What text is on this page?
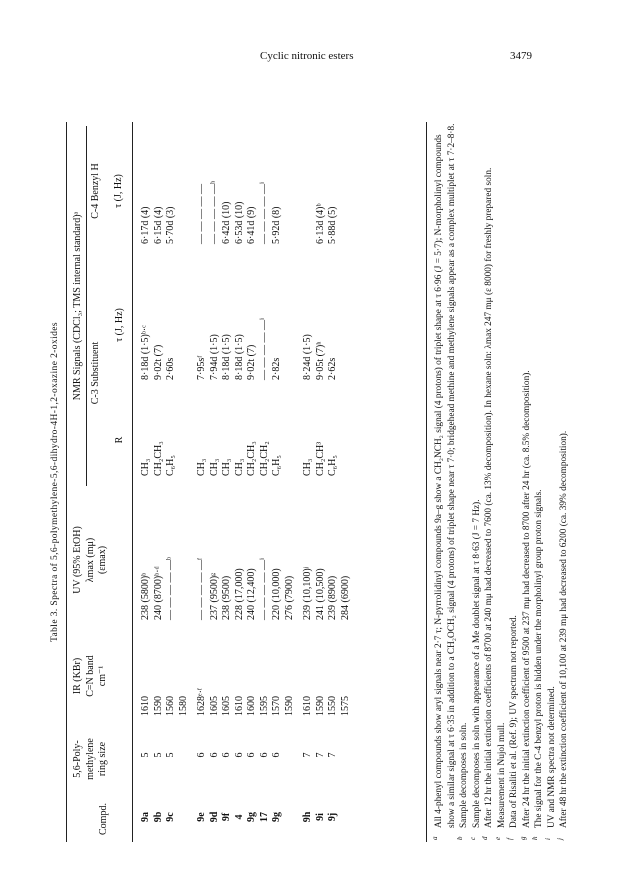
Cyclic nitronic esters	3479
Table 3. Spectra of 5,6-polymethylene-5,6-dihydro-4H-1,2-oxazine 2-oxides
Compd.
5,6-Poly- methylene ring size
IR (KBr) C=N band cm⁻¹
UV (95% EtOH) λmax (mμ) (εmax)
NMR Signals (CDCl₃; TMS internal standard)ᵃ C-3 Substituent
R
τ (J, Hz)
C-4 Benzyl H τ (J, Hz)
9a	5	1610	238 (5800)ᵇ	CH₃	8·18d (1·5)ᵇ·ᶜ	6·17d (4)
9b	5	1590	240 (8700)ᵇ·ᵈ	CH₂CH₃	9·02t (7)	6·15d (4)
9c	5	1560	— — — — —ᵇ	C₆H₅	2·60s	5·70d (3)
		1580				
9e	6	1628ᵉ·ᶠ	— — — — —ᶠ	CH₃	7·95sᶠ	— — — — —
9d	6	1605	237 (9500)ᵍ	CH₃	7·94d (1·5)	— — — — —ʰ
9f	6	1605	238 (9500)	CH₃	8·18d (1·5)	6·42d (10)
4	6	1610	228 (17,000)	CH₃	8·18d (1·5)	6·53d (10)
9g	6	1600	240 (12,400)	CH₂CH₃	9·02t (7)	6·41d (9)
17	6	1595	— — — — —ⁱ	CH₂CH₂	— — — — —ⁱ	— — — — —ⁱ
9g	6	1570	220 (10,000)	C₆H₅	2·82s	5·92d (8)
		1590	276 (7900)			
9h	7	1610	239 (10,100)ʲ	CH₃	8·24d (1·5)	
9i	7	1590	241 (10,500)	CH₂CH³	9·05t (7)ʰ	6·13d (4)ᵇ
9j	7	1550	239 (8900)	C₆H₅	2·62s	5·88d (5)
		1575	284 (6900)			
a
All 4-phenyl compounds show aryl signals near 2·7 τ; N-pyrrolidinyl compounds 9a–g show a CH₂NCH₂ signal (4 protons) of triplet shape at τ 6·96 (J = 5·7); N-morpholinyl compounds show a similar signal at τ 6·35 in addition to a CH₂OCH₂ signal (4 protons) of triplet shape near τ 7·0; bridgehead methine and methylene signals appear as a complex multiplet at τ 7·2–8·8.
b
Sample decomposes in soln.
c
Sample decomposes in soln with appearance of a Me doublet signal at τ 8·63 (J = 7 Hz).
d
After 12 hr the initial extinction coefficients of 8700 at 240 mμ had decreased to 7600 (ca. 13% decomposition). In hexane soln: λmax 247 mμ (ε 8000) for freshly prepared soln.
e
Measurement in Nujol mull.
f
Data of Risaliti et al. (Ref. 9); UV spectrum not reported.
g
After 24 hr the initial extinction coefficient of 9500 at 237 mμ had decreased to 8700 after 24 hr (ca. 8.5% decomposition).
h
The signal for the C-4 benzyl proton is hidden under the morpholinyl group proton signals.
i
UV and NMR spectra not determined.
j
After 48 hr the extinction coefficient of 10,100 at 239 mμ had decreased to 6200 (ca. 39% decomposition).
